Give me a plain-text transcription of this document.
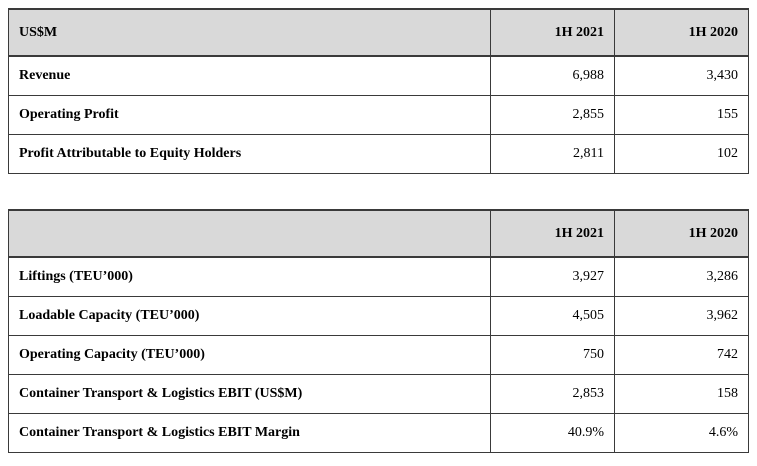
US$M	1H 2021	1H 2020
Revenue	6,988	3,430
Operating Profit	2,855	155
Profit Attributable to Equity Holders	2,811	102
	1H 2021	1H 2020
Liftings (TEU’000)	3,927	3,286
Loadable Capacity (TEU’000)	4,505	3,962
Operating Capacity (TEU’000)	750	742
Container Transport & Logistics EBIT (US$M)	2,853	158
Container Transport & Logistics EBIT Margin	40.9%	4.6%
